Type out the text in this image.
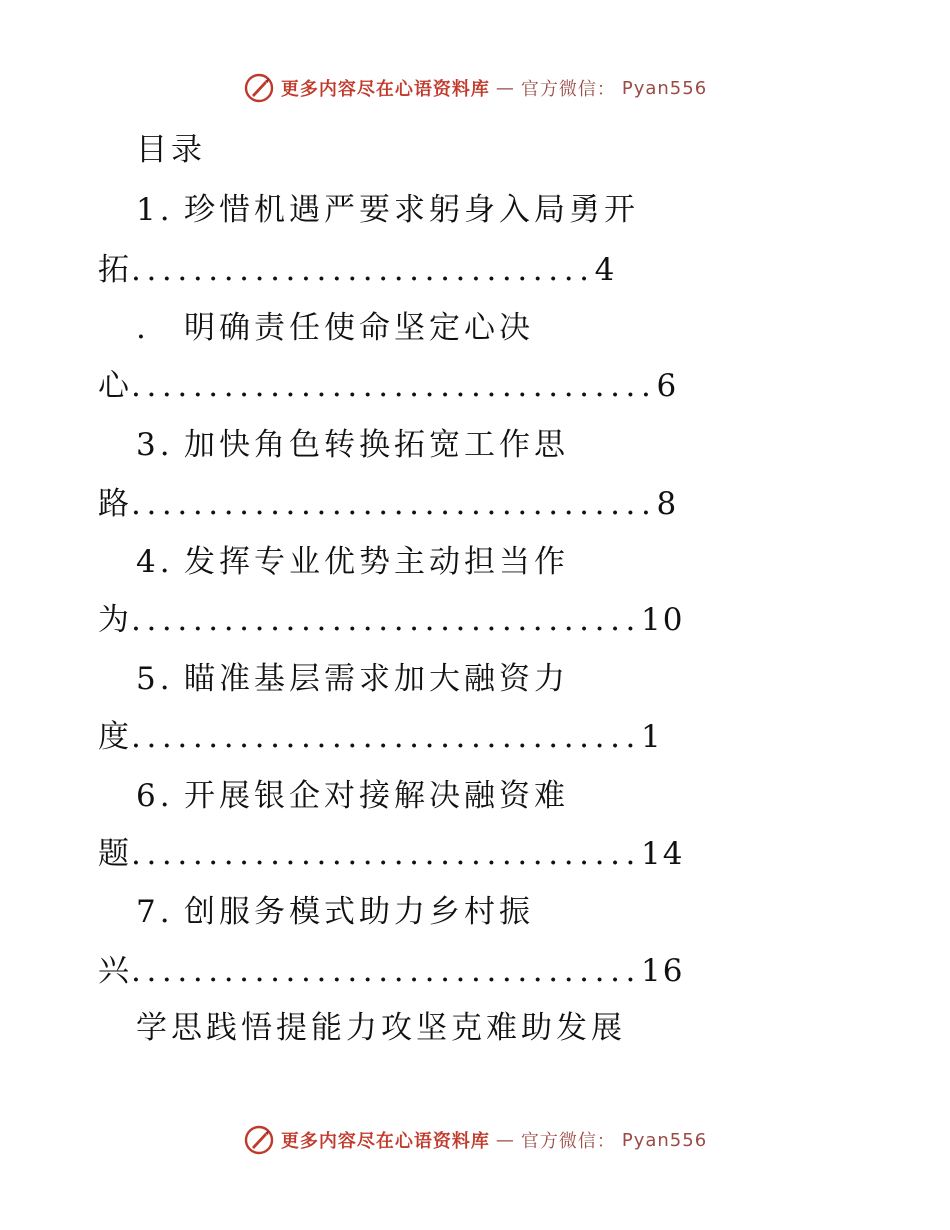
更多内容尽在心语资料库 — 官方微信： Pyan556
目录
1. 珍惜机遇严要求躬身入局勇开
拓 .............................. 4
. 明确责任使命坚定心决
心 .................................. 6
3. 加快角色转换拓宽工作思
路 .................................. 8
4. 发挥专业优势主动担当作
为 ................................. 10
5. 瞄准基层需求加大融资力
度 ................................. 1
6. 开展银企对接解决融资难
题 ................................. 14
7. 创服务模式助力乡村振
兴 ................................. 16
学思践悟提能力攻坚克难助发展
更多内容尽在心语资料库 — 官方微信： Pyan556
